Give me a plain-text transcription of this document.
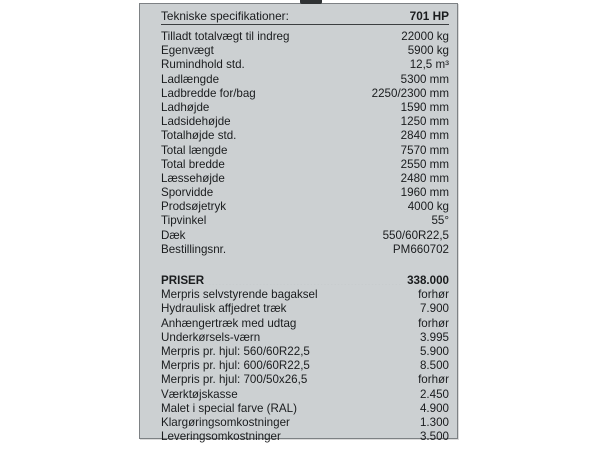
Tekniske specifikationer:	701 HP
Tilladt totalvægt til indreg	22000 kg
Egenvægt	5900 kg
Rumindhold std.	12,5 m³
Ladlængde	5300 mm
Ladbredde for/bag	2250/2300 mm
Ladhøjde	1590 mm
Ladsidehøjde	1250 mm
Totalhøjde std.	2840 mm
Total længde	7570 mm
Total bredde	2550 mm
Læssehøjde	2480 mm
Sporvidde	1960 mm
Prodsøjetryk	4000 kg
Tipvinkel	55°
Dæk	550/60R22,5
Bestillingsnr.	PM660702
PRISER	338.000
Merpris selvstyrende bagaksel	forhør
Hydraulisk affjedret træk	7.900
Anhængertræk med udtag	forhør
Underkørsels-værn	3.995
Merpris pr. hjul: 560/60R22,5	5.900
Merpris pr. hjul: 600/60R22,5	8.500
Merpris pr. hjul: 700/50x26,5	forhør
Værktøjskasse	2.450
Malet i special farve (RAL)	4.900
Klargøringsomkostninger	1.300
Leveringsomkostninger	3.500
